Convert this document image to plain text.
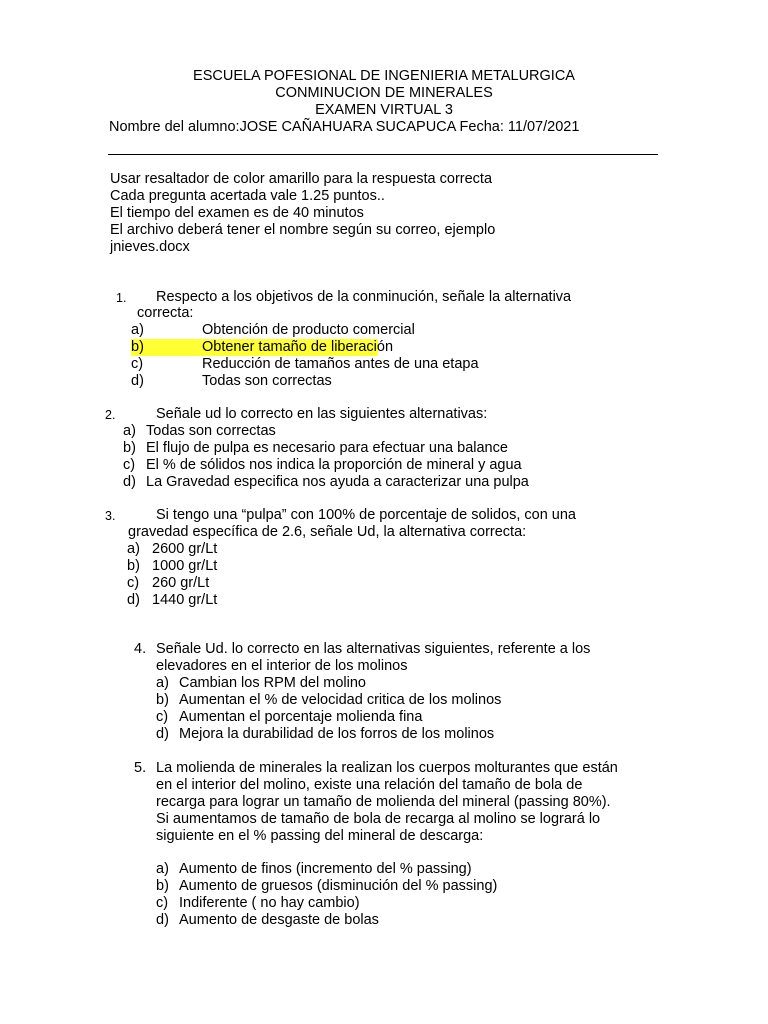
ESCUELA POFESIONAL DE INGENIERIA METALURGICA
CONMINUCION DE MINERALES
EXAMEN VIRTUAL 3
Nombre del alumno:JOSE CAÑAHUARA SUCAPUCA Fecha: 11/07/2021
Usar resaltador de color amarillo para la respuesta correcta
Cada pregunta acertada vale 1.25 puntos..
El tiempo del examen es de 40 minutos
El archivo deberá tener el nombre según su correo, ejemplo
jnieves.docx
1. Respecto a los objetivos de la conminución, señale la alternativa
correcta:
a)	Obtención de producto comercial
b)	Obtener tamaño de liberación
c)	Reducción de tamaños antes de una etapa
d)	Todas son correctas
2.	Señale ud lo correcto en las siguientes alternativas:
a) Todas son correctas
b) El flujo de pulpa es necesario para efectuar una balance
c) El % de sólidos nos indica la proporción de mineral y agua
d) La Gravedad especifica nos ayuda a caracterizar una pulpa
3.	Si tengo una “pulpa” con 100% de porcentaje de solidos, con una
gravedad específica de 2.6, señale Ud, la alternativa correcta:
a) 2600 gr/Lt
b) 1000 gr/Lt
c) 260 gr/Lt
d) 1440 gr/Lt
4. Señale Ud. lo correcto en las alternativas siguientes, referente a los
elevadores en el interior de los molinos
a) Cambian los RPM del molino
b) Aumentan el % de velocidad critica de los molinos
c) Aumentan el porcentaje molienda fina
d) Mejora la durabilidad de los forros de los molinos
5. La molienda de minerales la realizan los cuerpos molturantes que están
en el interior del molino, existe una relación del tamaño de bola de
recarga para lograr un tamaño de molienda del mineral (passing 80%).
Si aumentamos de tamaño de bola de recarga al molino se logrará lo
siguiente en el % passing del mineral de descarga:
a) Aumento de finos (incremento del % passing)
b) Aumento de gruesos (disminución del % passing)
c) Indiferente ( no hay cambio)
d) Aumento de desgaste de bolas
